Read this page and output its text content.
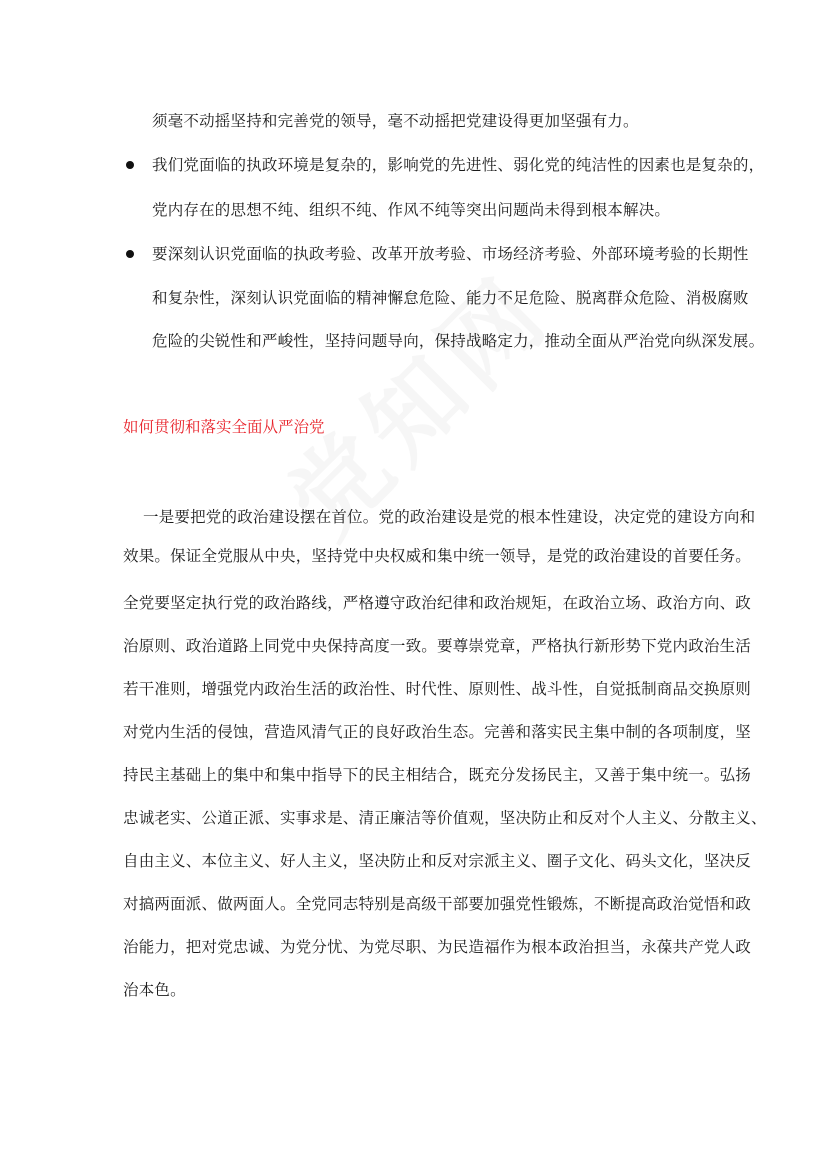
须毫不动摇坚持和完善党的领导，毫不动摇把党建设得更加坚强有力。
我们党面临的执政环境是复杂的，影响党的先进性、弱化党的纯洁性的因素也是复杂的，
党内存在的思想不纯、组织不纯、作风不纯等突出问题尚未得到根本解决。
要深刻认识党面临的执政考验、改革开放考验、市场经济考验、外部环境考验的长期性
和复杂性，深刻认识党面临的精神懈怠危险、能力不足危险、脱离群众危险、消极腐败
危险的尖锐性和严峻性，坚持问题导向，保持战略定力，推动全面从严治党向纵深发展。
如何贯彻和落实全面从严治党
一是要把党的政治建设摆在首位。党的政治建设是党的根本性建设，决定党的建设方向和
效果。保证全党服从中央，坚持党中央权威和集中统一领导，是党的政治建设的首要任务。
全党要坚定执行党的政治路线，严格遵守政治纪律和政治规矩，在政治立场、政治方向、政
治原则、政治道路上同党中央保持高度一致。要尊崇党章，严格执行新形势下党内政治生活
若干准则，增强党内政治生活的政治性、时代性、原则性、战斗性，自觉抵制商品交换原则
对党内生活的侵蚀，营造风清气正的良好政治生态。完善和落实民主集中制的各项制度，坚
持民主基础上的集中和集中指导下的民主相结合，既充分发扬民主，又善于集中统一。弘扬
忠诚老实、公道正派、实事求是、清正廉洁等价值观，坚决防止和反对个人主义、分散主义、
自由主义、本位主义、好人主义，坚决防止和反对宗派主义、圈子文化、码头文化，坚决反
对搞两面派、做两面人。全党同志特别是高级干部要加强党性锻炼，不断提高政治觉悟和政
治能力，把对党忠诚、为党分忧、为党尽职、为民造福作为根本政治担当，永葆共产党人政
治本色。
